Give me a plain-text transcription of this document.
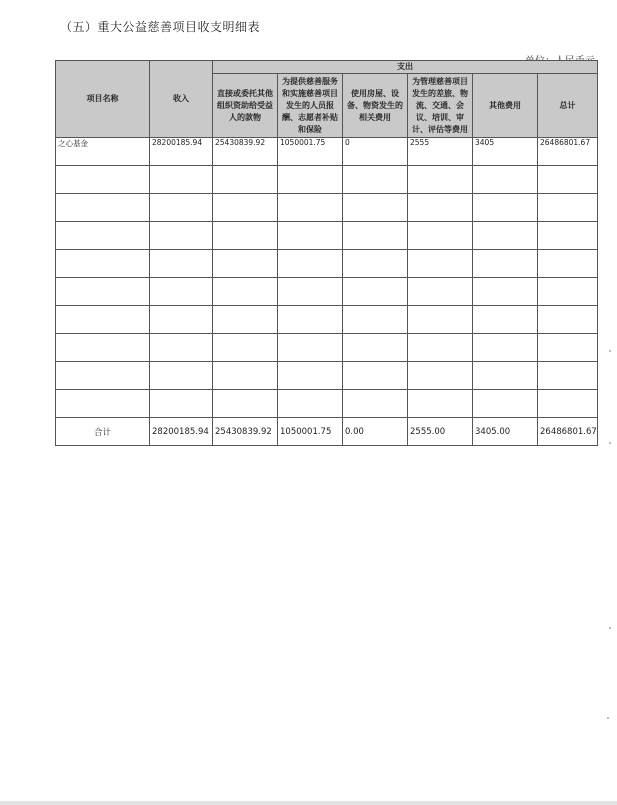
（五）重大公益慈善项目收支明细表
项目名称	收入	支出					
		直接或委托其他组织资助给受益人的款物	为提供慈善服务和实施慈善项目发生的人员报酬、志愿者补贴和保险	使用房屋、设备、物资发生的相关费用	为管理慈善项目发生的差旅、物流、交通、会议、培训、审计、评估等费用	其他费用	总计
之心基金	28200185.94	25430839.92	1050001.75	0	2555	3405	26486801.67

合计	28200185.94	25430839.92	1050001.75	0.00	2555.00	3405.00	26486801.67
